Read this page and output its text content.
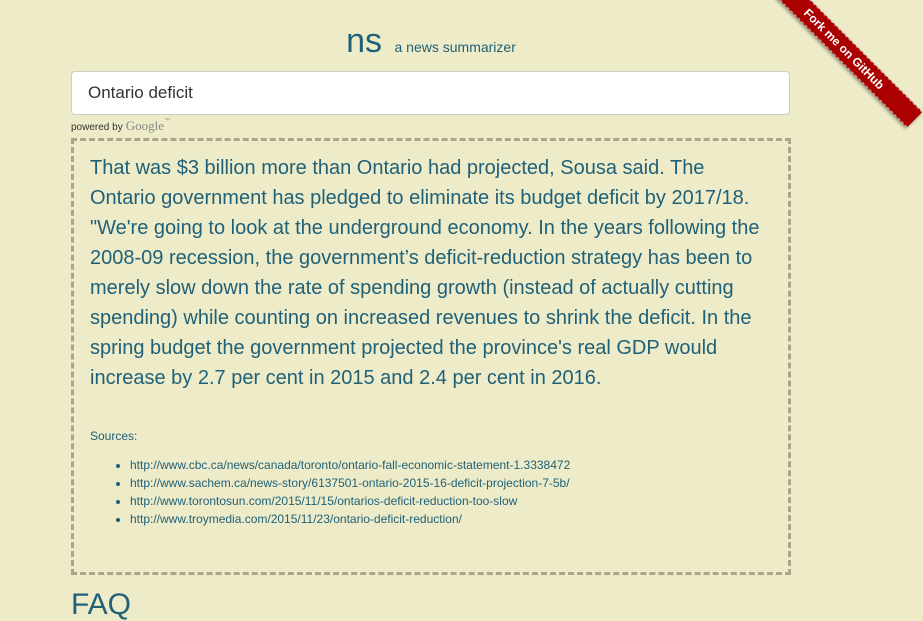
ns a news summarizer
Ontario deficit
powered by Google™

That was $3 billion more than Ontario had projected, Sousa said. The Ontario government has pledged to eliminate its budget deficit by 2017/18. "We're going to look at the underground economy. In the years following the 2008-09 recession, the government’s deficit-reduction strategy has been to merely slow down the rate of spending growth (instead of actually cutting spending) while counting on increased revenues to shrink the deficit. In the spring budget the government projected the province's real GDP would increase by 2.7 per cent in 2015 and 2.4 per cent in 2016.

Sources:
• http://www.cbc.ca/news/canada/toronto/ontario-fall-economic-statement-1.3338472
• http://www.sachem.ca/news-story/6137501-ontario-2015-16-deficit-projection-7-5b/
• http://www.torontosun.com/2015/11/15/ontarios-deficit-reduction-too-slow
• http://www.troymedia.com/2015/11/23/ontario-deficit-reduction/
FAQ
Fork me on GitHub
